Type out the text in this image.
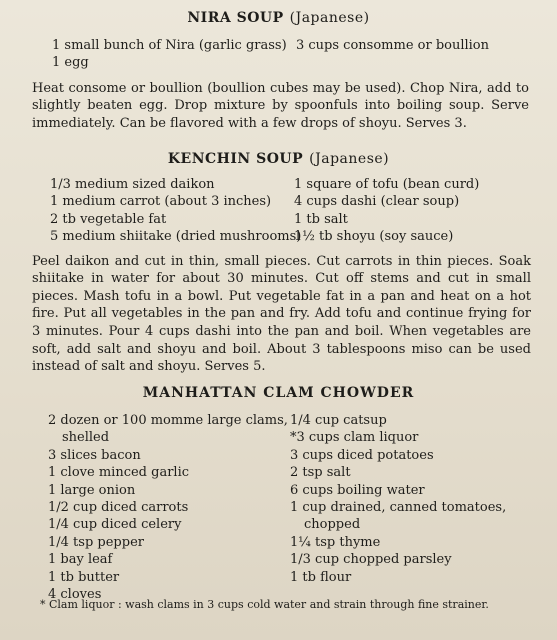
NIRA SOUP (Japanese)
1 small bunch of Nira (garlic grass)
1 egg
3 cups consomme or boullion

Heat consome or boullion (boullion cubes may be used). Chop Nira, add to slightly beaten egg. Drop mixture by spoonfuls into boiling soup. Serve immediately. Can be flavored with a few drops of shoyu. Serves 3.

KENCHIN SOUP (Japanese)
1/3 medium sized daikon
1 medium carrot (about 3 inches)
2 tb vegetable fat
5 medium shiitake (dried mushrooms)
1 square of tofu (bean curd)
4 cups dashi (clear soup)
1 tb salt
1½ tb shoyu (soy sauce)

Peel daikon and cut in thin, small pieces. Cut carrots in thin pieces. Soak shiitake in water for about 30 minutes. Cut off stems and cut in small pieces. Mash tofu in a bowl. Put vegetable fat in a pan and heat on a hot fire. Put all vegetables in the pan and fry. Add tofu and continue frying for 3 minutes. Pour 4 cups dashi into the pan and boil. When vegetables are soft, add salt and shoyu and boil. About 3 tablespoons miso can be used instead of salt and shoyu. Serves 5.

MANHATTAN CLAM CHOWDER
2 dozen or 100 momme large clams,
shelled
3 slices bacon
1 clove minced garlic
1 large onion
1/2 cup diced carrots
1/4 cup diced celery
1/4 tsp pepper
1 bay leaf
1 tb butter
4 cloves
1/4 cup catsup
*3 cups clam liquor
3 cups diced potatoes
2 tsp salt
6 cups boiling water
1 cup drained, canned tomatoes,
chopped
1¼ tsp thyme
1/3 cup chopped parsley
1 tb flour
* Clam liquor : wash clams in 3 cups cold water and strain through fine strainer.
